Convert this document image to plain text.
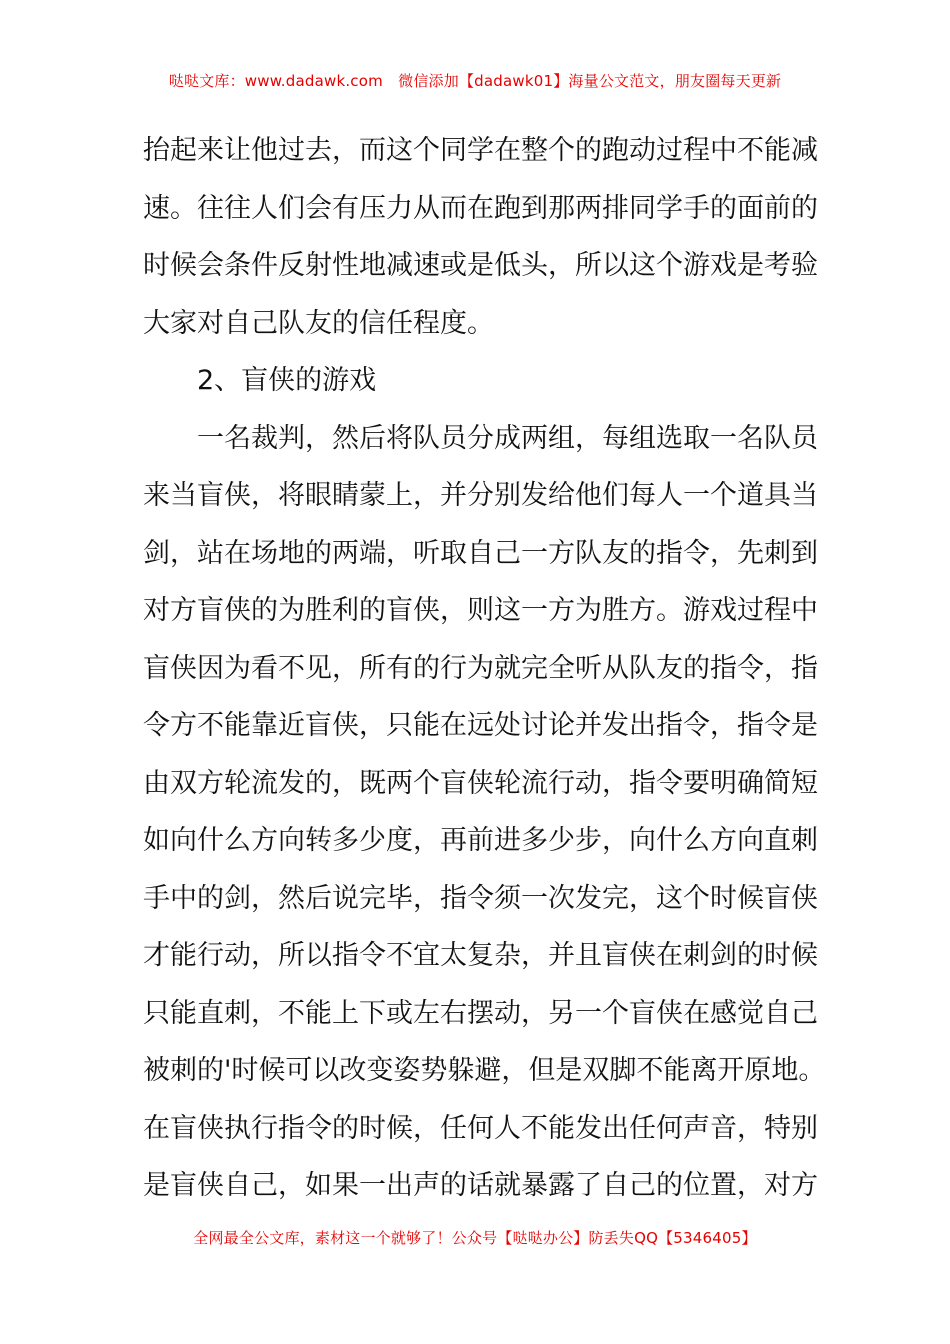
哒哒文库：www.dadawk.com　微信添加【dadawk01】海量公文范文，朋友圈每天更新

抬起来让他过去，而这个同学在整个的跑动过程中不能减
速。往往人们会有压力从而在跑到那两排同学手的面前的
时候会条件反射性地减速或是低头，所以这个游戏是考验
大家对自己队友的信任程度。

2、盲侠的游戏

一名裁判，然后将队员分成两组，每组选取一名队员
来当盲侠，将眼睛蒙上，并分别发给他们每人一个道具当
剑，站在场地的两端，听取自己一方队友的指令，先刺到
对方盲侠的为胜利的盲侠，则这一方为胜方。游戏过程中
盲侠因为看不见，所有的行为就完全听从队友的指令，指
令方不能靠近盲侠，只能在远处讨论并发出指令，指令是
由双方轮流发的，既两个盲侠轮流行动，指令要明确简短
如向什么方向转多少度，再前进多少步，向什么方向直刺
手中的剑，然后说完毕，指令须一次发完，这个时候盲侠
才能行动，所以指令不宜太复杂，并且盲侠在刺剑的时候
只能直刺，不能上下或左右摆动，另一个盲侠在感觉自己
被刺的'时候可以改变姿势躲避，但是双脚不能离开原地。
在盲侠执行指令的时候，任何人不能发出任何声音，特别
是盲侠自己，如果一出声的话就暴露了自己的位置，对方

全网最全公文库，素材这一个就够了！公众号【哒哒办公】防丢失QQ【5346405】
